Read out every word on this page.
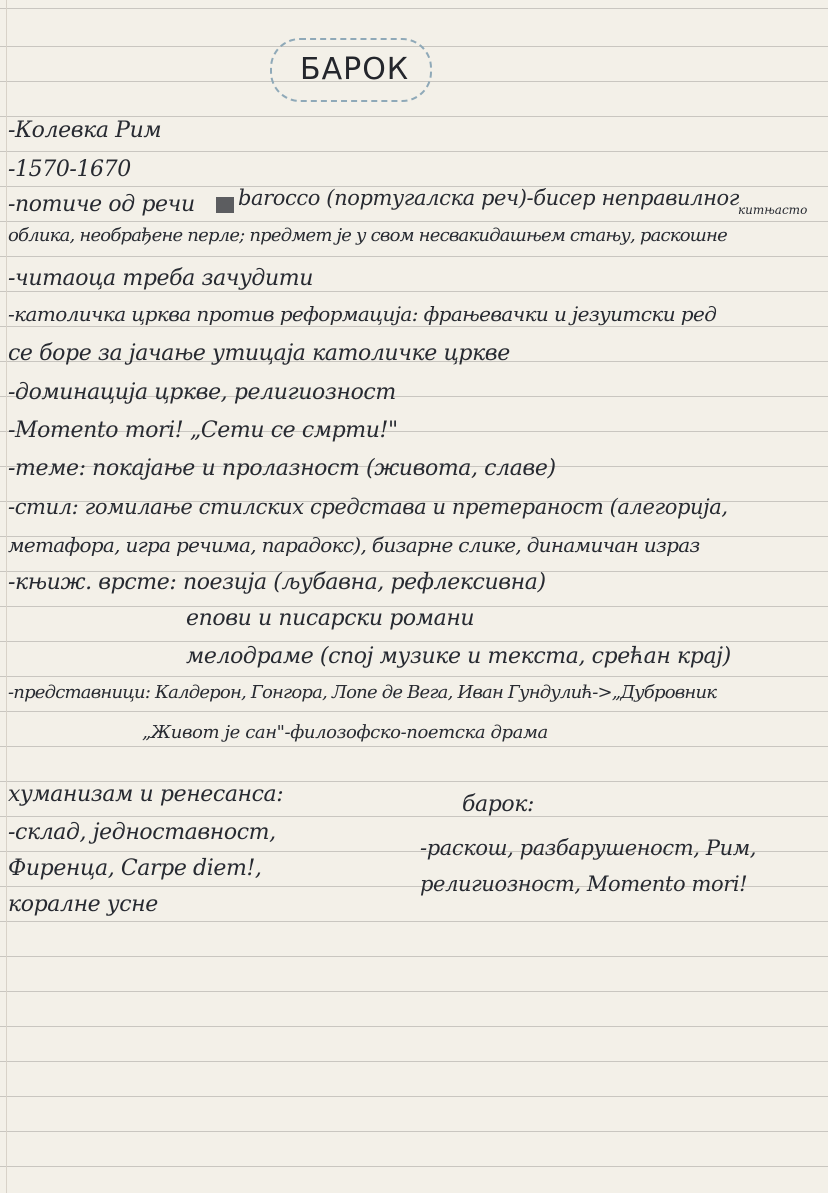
БАРОК
-Колевка Рим
-1570-1670
-потиче од речи barocco (португалска реч)-бисер неправилног
китњасто
облика, необрађене перле; предмет је у свом несвакидашњем стању, раскошне
-читаоца треба зачудити
-католичка црква против реформација: фрањевачки и језуитски ред
се боре за јачање утицаја католичке цркве
-доминација цркве, религиозност
-Momento mori! „Сети се смрти!"
-теме: покајање и пролазност (живота, славе)
-стил: гомилање стилских средстава и претераност (алегорија,
метафора, игра речима, парадокс), бизарне слике, динамичан израз
-књиж. врсте: поезија (љубавна, рефлексивна)
епови и писарски романи
мелодраме (спој музике и текста, срећан крај)
-представници: Калдерон, Гонгора, Лопе де Вега, Иван Гундулић->„Дубровник
„Живот је сан"-филозофско-поетска драма
хуманизам и ренесанса:
-склад, једноставност,
Фиренца, Carpe diem!,
коралне усне
барок:
-раскош, разбарушеност, Рим,
религиозност, Momento mori!
